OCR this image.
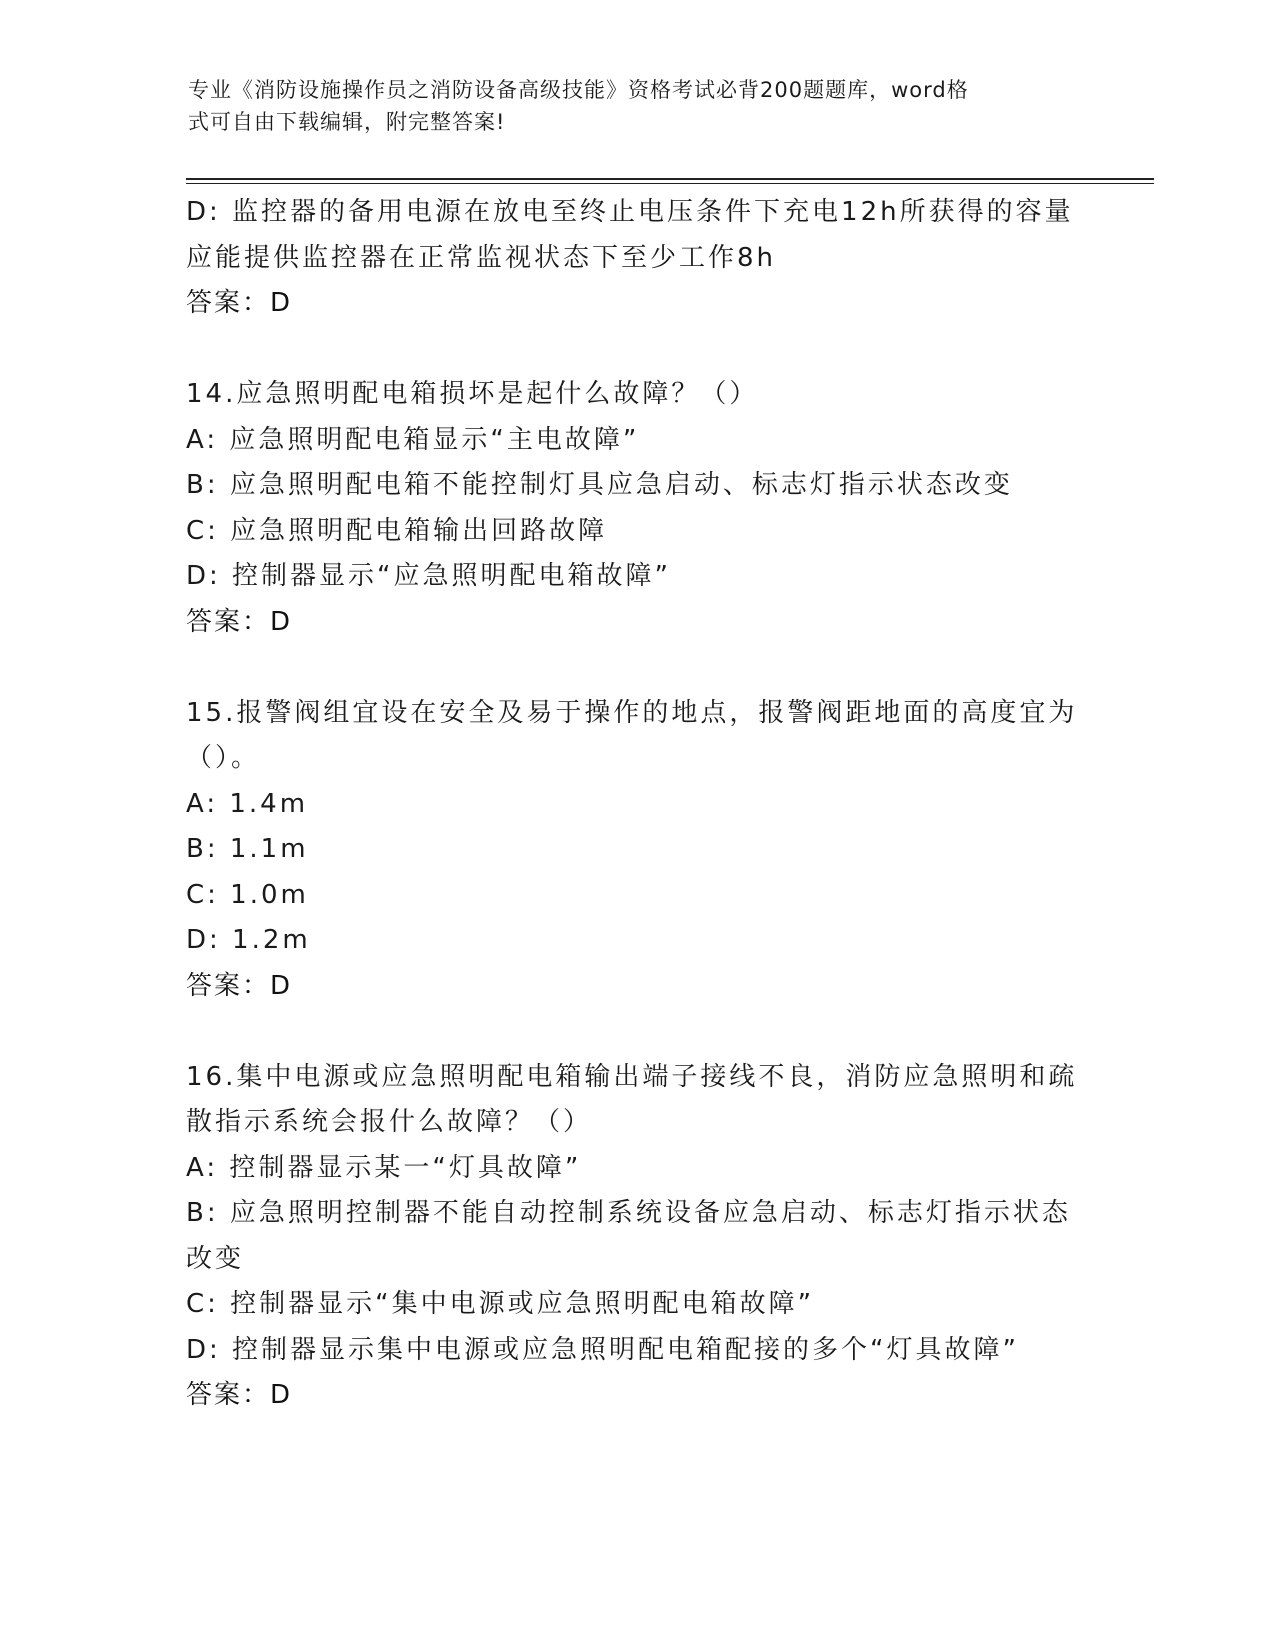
专业《消防设施操作员之消防设备高级技能》资格考试必背200题题库，word格
式可自由下载编辑，附完整答案!
D: 监控器的备用电源在放电至终止电压条件下充电12h所获得的容量
应能提供监控器在正常监视状态下至少工作8h
答案：D
14.应急照明配电箱损坏是起什么故障？（）
A: 应急照明配电箱显示“主电故障”
B: 应急照明配电箱不能控制灯具应急启动、标志灯指示状态改变
C: 应急照明配电箱输出回路故障
D: 控制器显示“应急照明配电箱故障”
答案：D
15.报警阀组宜设在安全及易于操作的地点，报警阀距地面的高度宜为
（）。
A: 1.4m
B: 1.1m
C: 1.0m
D: 1.2m
答案：D
16.集中电源或应急照明配电箱输出端子接线不良，消防应急照明和疏
散指示系统会报什么故障？（）
A: 控制器显示某一“灯具故障”
B: 应急照明控制器不能自动控制系统设备应急启动、标志灯指示状态
改变
C: 控制器显示“集中电源或应急照明配电箱故障”
D: 控制器显示集中电源或应急照明配电箱配接的多个“灯具故障”
答案：D
